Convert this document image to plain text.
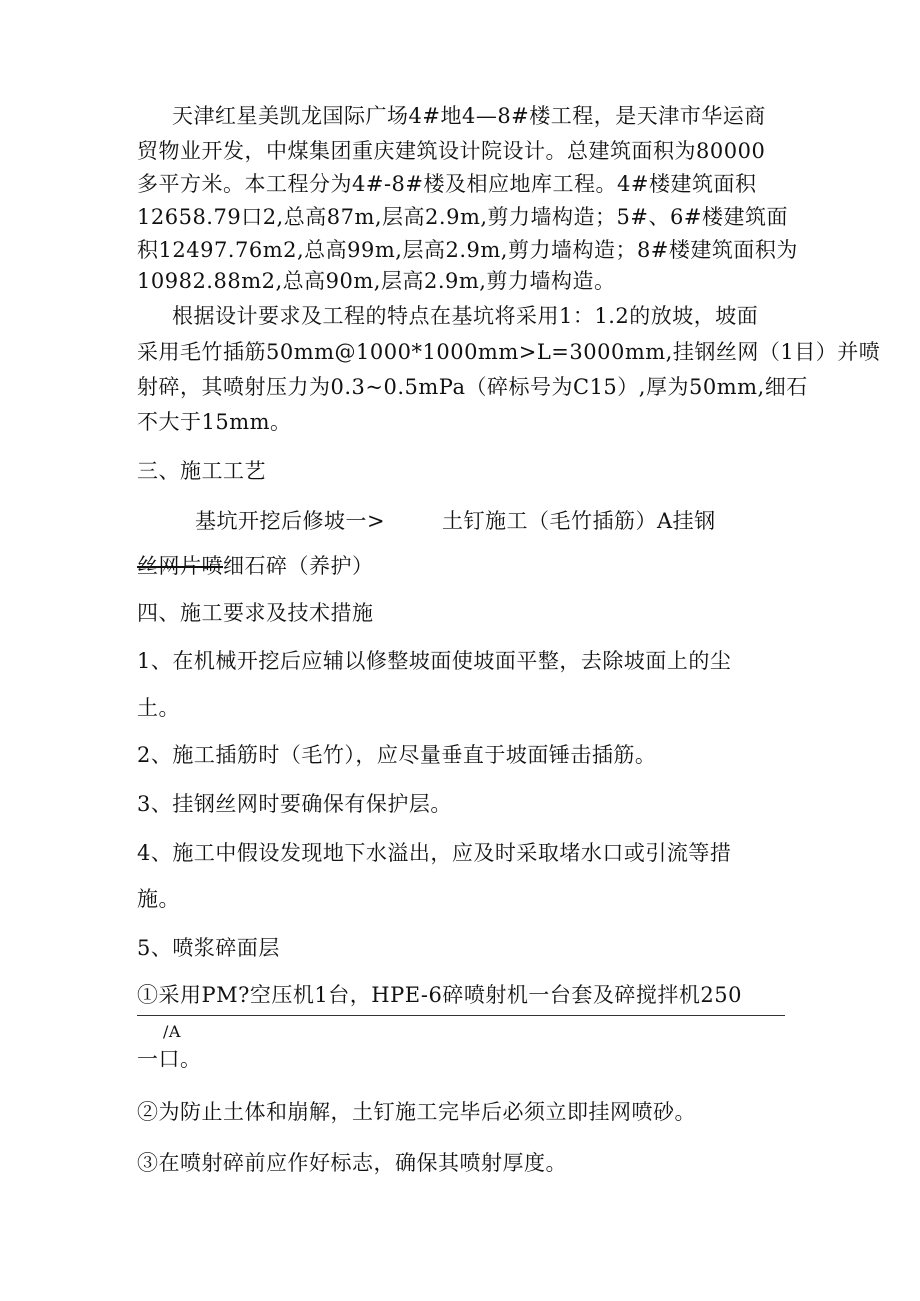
天津红星美凯龙国际广场4#地4—8#楼工程，是天津市华运商
贸物业开发，中煤集团重庆建筑设计院设计。总建筑面积为80000
多平方米。本工程分为4#-8#楼及相应地库工程。4#楼建筑面积
12658.79口2,总高87m,层高2.9m,剪力墙构造；5#、6#楼建筑面
积12497.76m2,总高99m,层高2.9m,剪力墙构造；8#楼建筑面积为
10982.88m2,总高90m,层高2.9m,剪力墙构造。
根据设计要求及工程的特点在基坑将采用1：1.2的放坡，坡面
采用毛竹插筋50mm@1000*1000mm>L=3000mm,挂钢丝网（1目）并喷
射碎，其喷射压力为0.3~0.5mPa（碎标号为C15）,厚为50mm,细石
不大于15mm。
三、施工工艺
基坑开挖后修坡一>	土钉施工（毛竹插筋）A挂钢
丝网片喷细石碎（养护）
四、施工要求及技术措施
1、在机械开挖后应辅以修整坡面使坡面平整，去除坡面上的尘
土。
2、施工插筋时（毛竹），应尽量垂直于坡面锤击插筋。
3、挂钢丝网时要确保有保护层。
4、施工中假设发现地下水溢出，应及时采取堵水口或引流等措
施。
5、喷浆碎面层
①采用PM?空压机1台，HPE-6碎喷射机一台套及碎搅拌机250
/A
一口。
②为防止土体和崩解，土钉施工完毕后必须立即挂网喷砂。
③在喷射碎前应作好标志，确保其喷射厚度。
